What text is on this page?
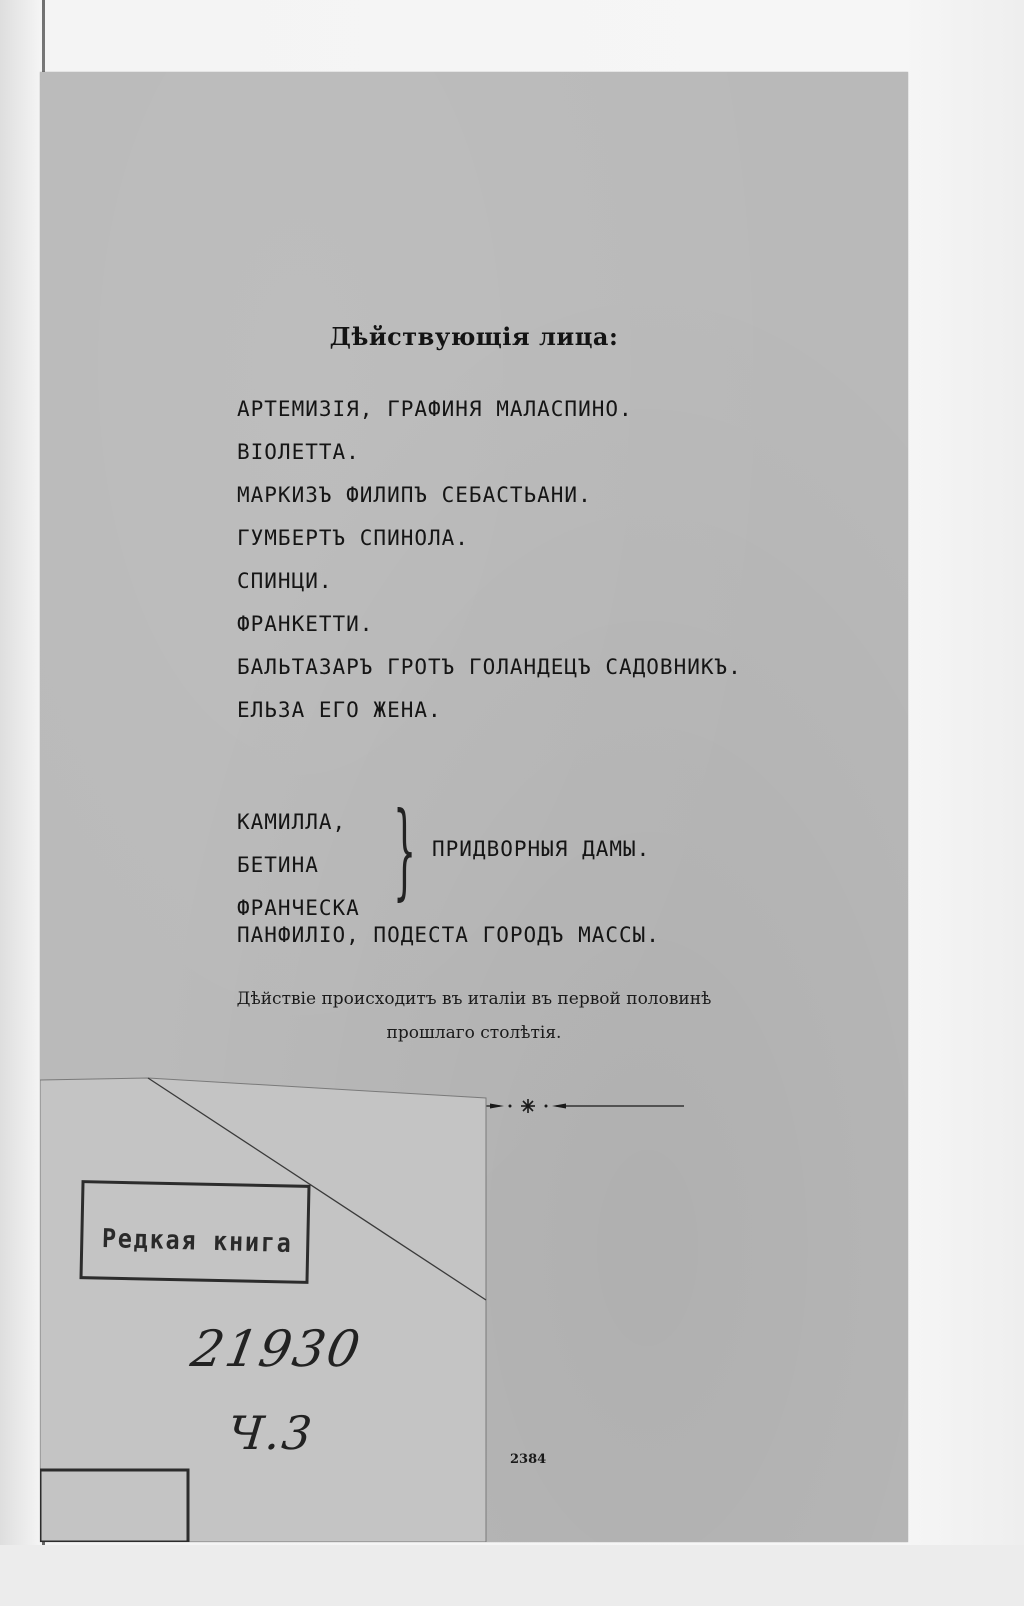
Дѣйствующія лица:
АРТЕМИЗІЯ, ГРАФИНЯ МАЛАСПИНО.
ВІОЛЕТТА.
МАРКИЗЪ ФИЛИПЪ СЕБАСТЬАНИ.
ГУМБЕРТЪ СПИНОЛА.
СПИНЦИ.
ФРАНКЕТТИ.
БАЛЬТАЗАРЪ ГРОТЪ ГОЛАНДЕЦЪ САДОВНИКЪ.
ЕЛЬЗА ЕГО ЖЕНА.
КАМИЛЛА,
БЕТИНА
ФРАНЧЕСКА } ПРИДВОРНЫЯ ДАМЫ.
ПАНФИЛІО, ПОДЕСТА ГОРОДЪ МАССЫ.
Дѣйствіе происходитъ въ италіи въ первой половинѣ
прошлаго столѣтія.
2384
Редкая книга
21930
Ч.3
